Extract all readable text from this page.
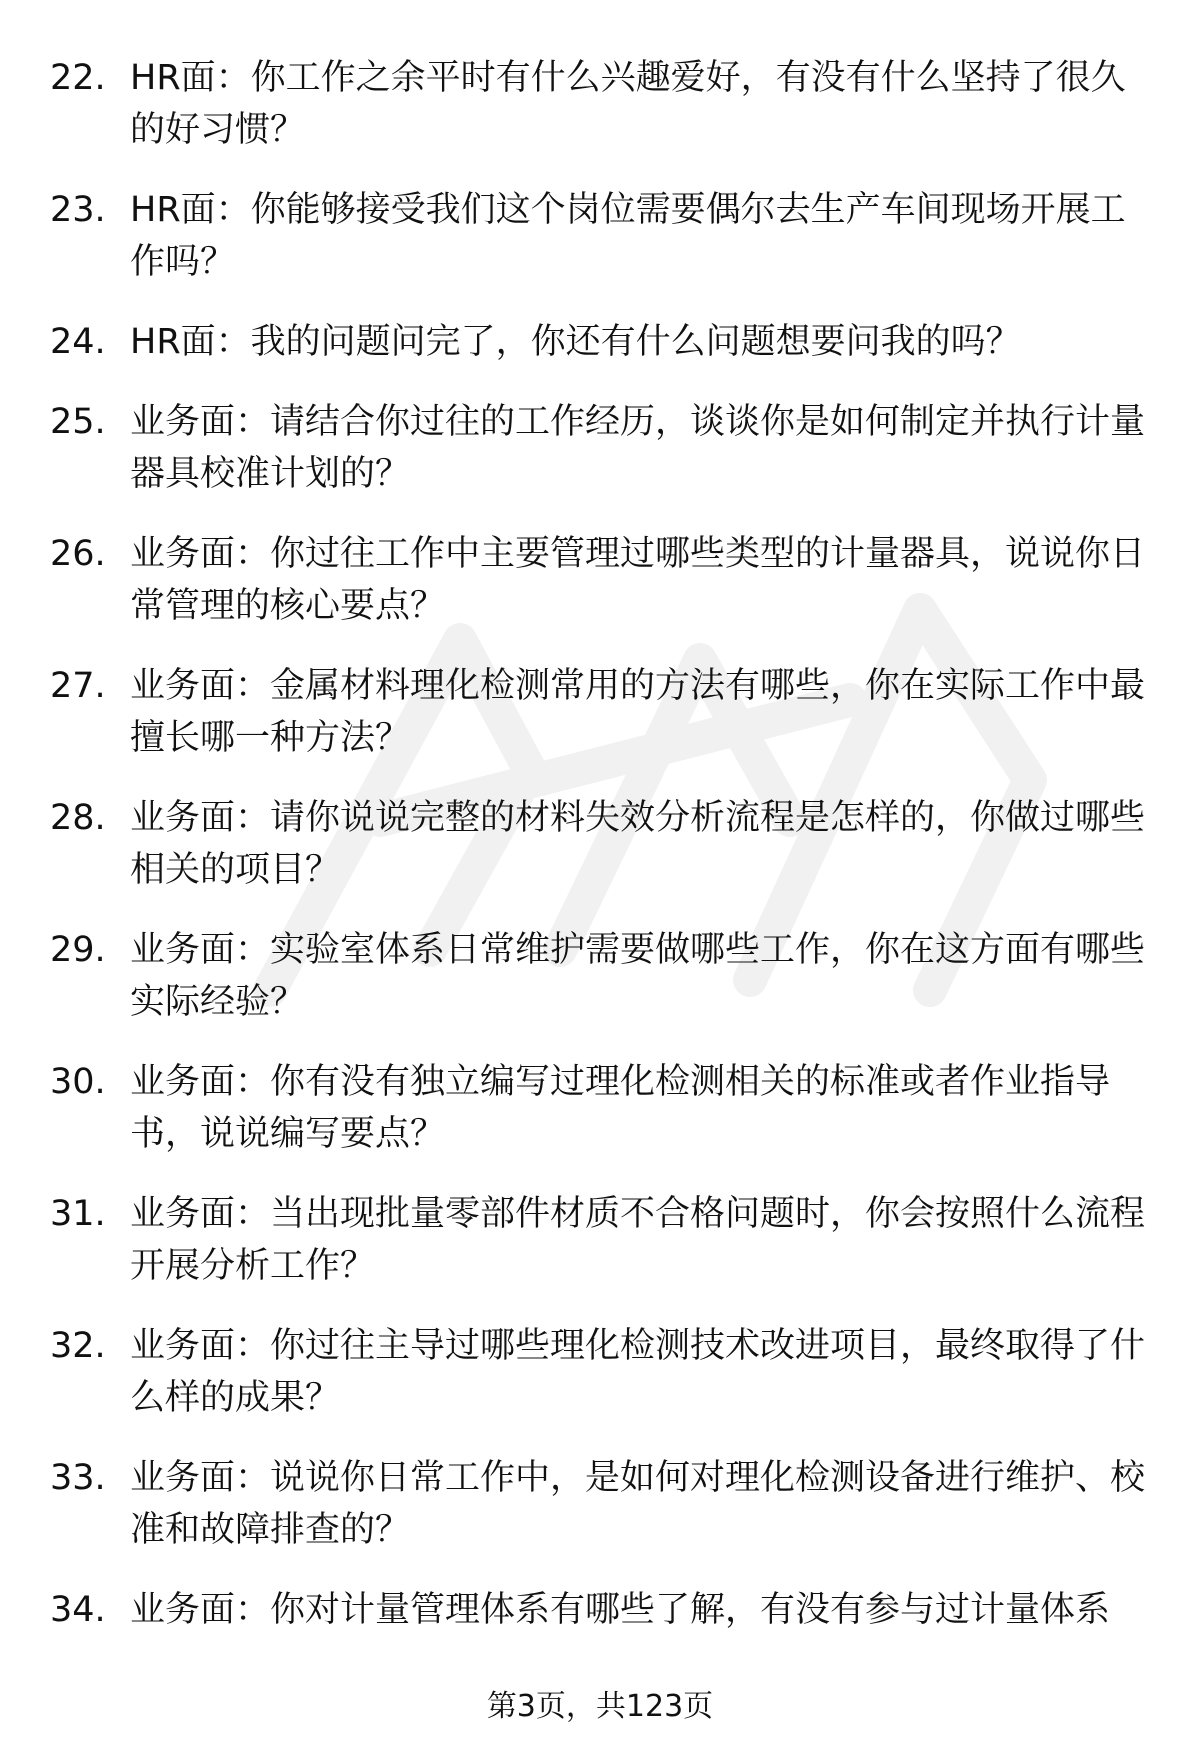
22. HR面：你工作之余平时有什么兴趣爱好，有没有什么坚持了很久的好习惯？
23. HR面：你能够接受我们这个岗位需要偶尔去生产车间现场开展工作吗？
24. HR面：我的问题问完了，你还有什么问题想要问我的吗？
25. 业务面：请结合你过往的工作经历，谈谈你是如何制定并执行计量器具校准计划的？
26. 业务面：你过往工作中主要管理过哪些类型的计量器具，说说你日常管理的核心要点？
27. 业务面：金属材料理化检测常用的方法有哪些，你在实际工作中最擅长哪一种方法？
28. 业务面：请你说说完整的材料失效分析流程是怎样的，你做过哪些相关的项目？
29. 业务面：实验室体系日常维护需要做哪些工作，你在这方面有哪些实际经验？
30. 业务面：你有没有独立编写过理化检测相关的标准或者作业指导书，说说编写要点？
31. 业务面：当出现批量零部件材质不合格问题时，你会按照什么流程开展分析工作？
32. 业务面：你过往主导过哪些理化检测技术改进项目，最终取得了什么样的成果？
33. 业务面：说说你日常工作中，是如何对理化检测设备进行维护、校准和故障排查的？
34. 业务面：你对计量管理体系有哪些了解，有没有参与过计量体系
第3页，共123页
